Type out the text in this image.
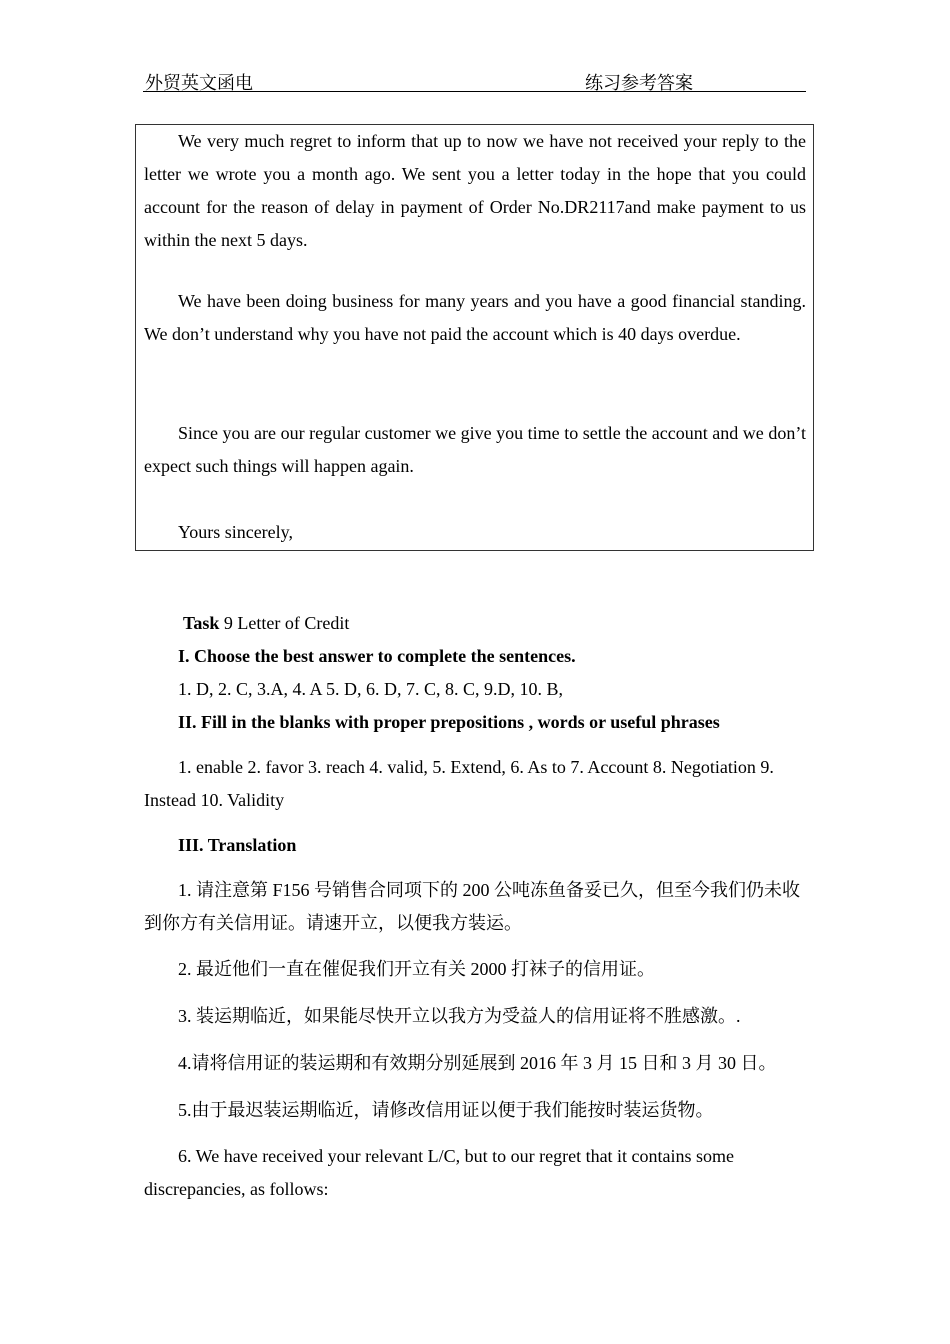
外贸英文函电	练习参考答案
We very much regret to inform that up to now we have not received your reply to the letter we wrote you a month ago. We sent you a letter today in the hope that you could account for the reason of delay in payment of Order No.DR2117and make payment to us within the next 5 days.
We have been doing business for many years and you have a good financial standing. We don’t understand why you have not paid the account which is 40 days overdue.
Since you are our regular customer we give you time to settle the account and we don’t expect such things will happen again.
Yours sincerely,
Task 9 Letter of Credit
I. Choose the best answer to complete the sentences.
1. D, 2. C, 3.A, 4. A 5. D, 6. D, 7. C, 8. C, 9.D, 10. B,
II. Fill in the blanks with proper prepositions , words or useful phrases
1. enable 2. favor 3. reach 4. valid, 5. Extend, 6. As to 7. Account 8. Negotiation 9. Instead 10. Validity
III. Translation
1. 请注意第 F156 号销售合同项下的 200 公吨冻鱼备妥已久，但至今我们仍未收到你方有关信用证。请速开立，以便我方装运。
2. 最近他们一直在催促我们开立有关 2000 打袜子的信用证。
3. 装运期临近，如果能尽快开立以我方为受益人的信用证将不胜感激。.
4.请将信用证的装运期和有效期分别延展到 2016 年 3 月 15 日和 3 月 30 日。
5.由于最迟装运期临近，请修改信用证以便于我们能按时装运货物。
6. We have received your relevant L/C, but to our regret that it contains some discrepancies, as follows:
